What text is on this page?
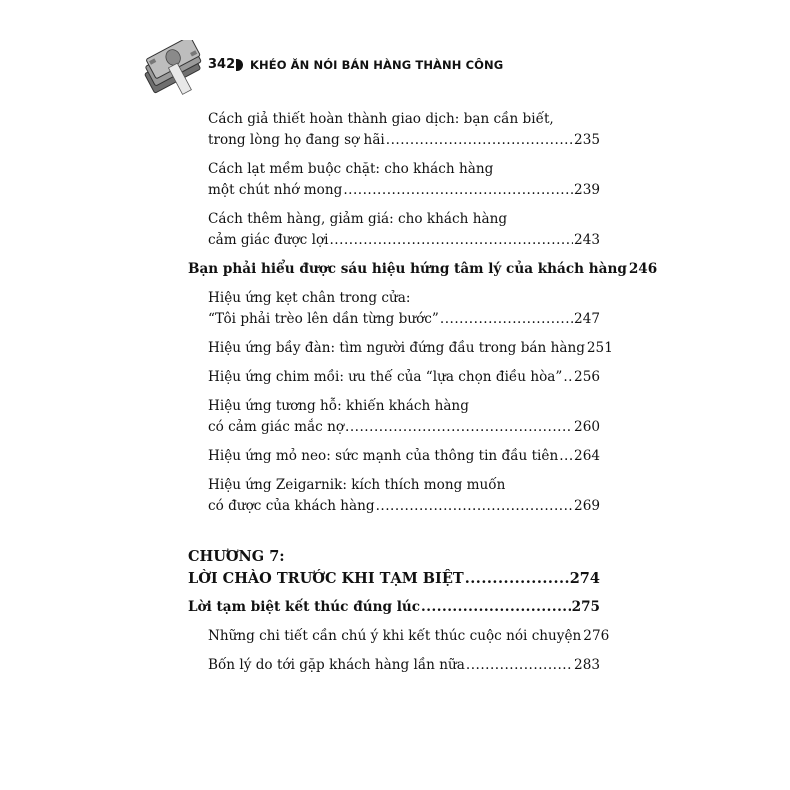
342 KHÉO ĂN NÓI BÁN HÀNG THÀNH CÔNG
Cách giả thiết hoàn thành giao dịch: bạn cần biết,
trong lòng họ đang sợ hãi .....	235
Cách lạt mềm buộc chặt: cho khách hàng
một chút nhớ mong .....	239
Cách thêm hàng, giảm giá: cho khách hàng
cảm giác được lợi .....	243
Bạn phải hiểu được sáu hiệu hứng tâm lý của khách hàng 246
Hiệu ứng kẹt chân trong cửa:
“Tôi phải trèo lên dần từng bước” .....	247
Hiệu ứng bầy đàn: tìm người đứng đầu trong bán hàng 251
Hiệu ứng chim mồi: ưu thế của “lựa chọn điều hòa” ..... 256
Hiệu ứng tương hỗ: khiến khách hàng
có cảm giác mắc nợ .....	260
Hiệu ứng mỏ neo: sức mạnh của thông tin đầu tiên ..... 264
Hiệu ứng Zeigarnik: kích thích mong muốn
có được của khách hàng .....	269
CHƯƠNG 7:
LỜI CHÀO TRƯỚC KHI TẠM BIỆT .....	274
Lời tạm biệt kết thúc đúng lúc .....	275
Những chi tiết cần chú ý khi kết thúc cuộc nói chuyện 276
Bốn lý do tới gặp khách hàng lần nữa .....	283
